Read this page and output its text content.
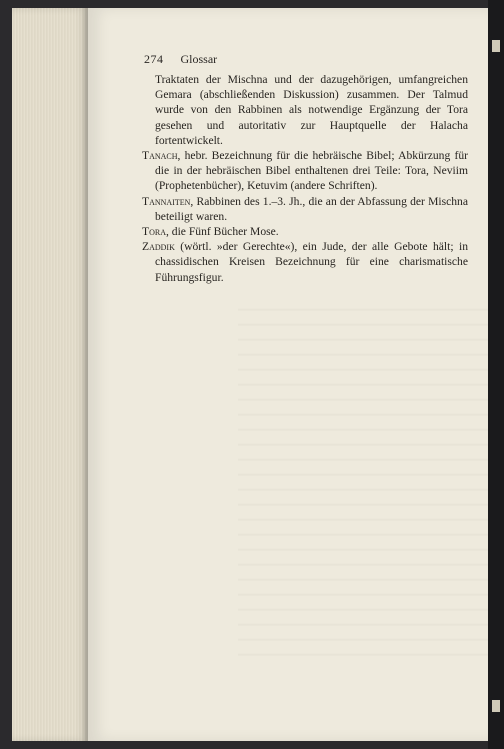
274 Glossar

Traktaten der Mischna und der dazugehörigen, umfangreichen Gemara (abschließenden Diskussion) zusammen. Der Talmud wurde von den Rabbinen als notwendige Ergänzung der Tora gesehen und autoritativ zur Hauptquelle der Halacha fortentwickelt.

Tanach, hebr. Bezeichnung für die hebräische Bibel; Abkürzung für die in der hebräischen Bibel enthaltenen drei Teile: Tora, Neviim (Prophetenbücher), Ketuvim (andere Schriften).

Tannaiten, Rabbinen des 1.–3. Jh., die an der Abfassung der Mischna beteiligt waren.

Tora, die Fünf Bücher Mose.

Zaddik (wörtl. »der Gerechte«), ein Jude, der alle Gebote hält; in chassidischen Kreisen Bezeichnung für eine charismatische Führungsfigur.
